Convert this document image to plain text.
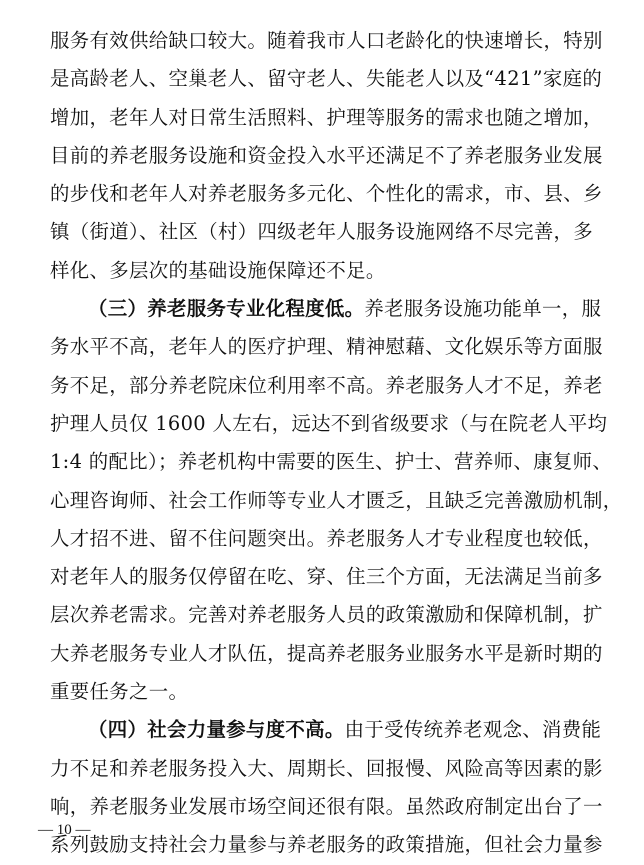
服务有效供给缺口较大。随着我市人口老龄化的快速增长，特别
是高龄老人、空巢老人、留守老人、失能老人以及“421”家庭的
增加，老年人对日常生活照料、护理等服务的需求也随之增加，
目前的养老服务设施和资金投入水平还满足不了养老服务业发展
的步伐和老年人对养老服务多元化、个性化的需求，市、县、乡
镇（街道）、社区（村）四级老年人服务设施网络不尽完善，多
样化、多层次的基础设施保障还不足。
（三）养老服务专业化程度低。养老服务设施功能单一，服
务水平不高，老年人的医疗护理、精神慰藉、文化娱乐等方面服
务不足，部分养老院床位利用率不高。养老服务人才不足，养老
护理人员仅 1600 人左右，远达不到省级要求（与在院老人平均
1:4 的配比）；养老机构中需要的医生、护士、营养师、康复师、
心理咨询师、社会工作师等专业人才匮乏，且缺乏完善激励机制，
人才招不进、留不住问题突出。养老服务人才专业程度也较低，
对老年人的服务仅停留在吃、穿、住三个方面，无法满足当前多
层次养老需求。完善对养老服务人员的政策激励和保障机制，扩
大养老服务专业人才队伍，提高养老服务业服务水平是新时期的
重要任务之一。
（四）社会力量参与度不高。由于受传统养老观念、消费能
力不足和养老服务投入大、周期长、回报慢、风险高等因素的影
响，养老服务业发展市场空间还很有限。虽然政府制定出台了一
系列鼓励支持社会力量参与养老服务的政策措施，但社会力量参
— 10 —
